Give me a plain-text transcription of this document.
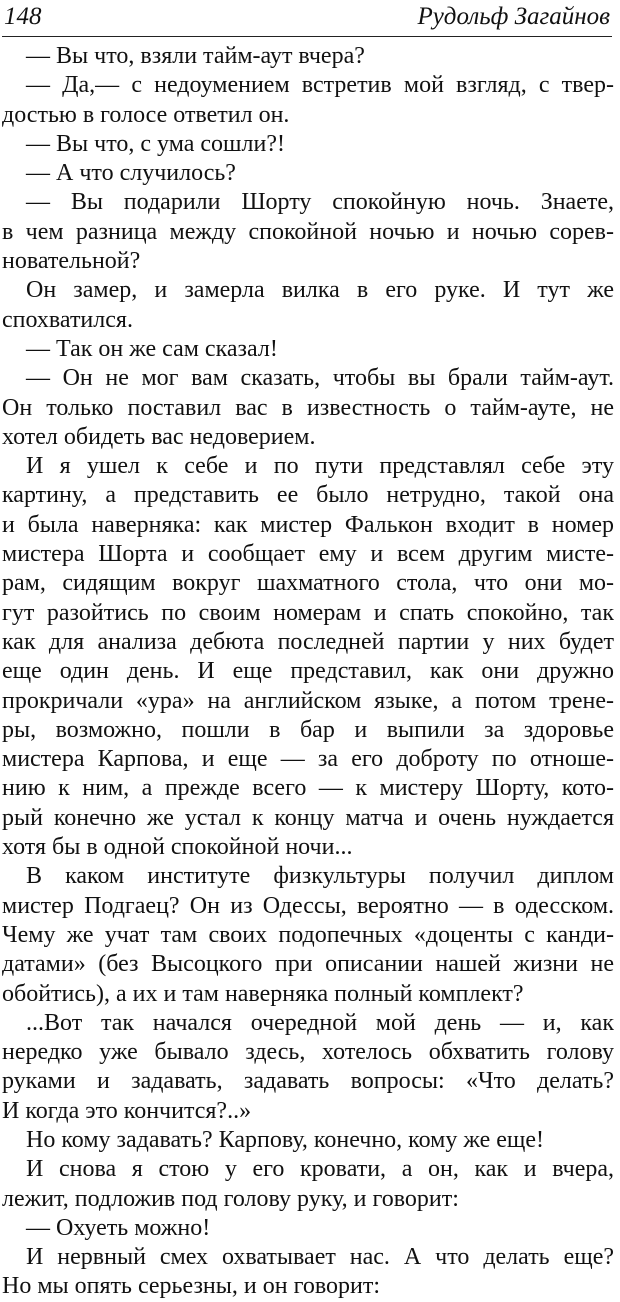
148	Рудольф Загайнов
— Вы что, взяли тайм-аут вчера?
— Да,— с недоумением встретив мой взгляд, с твер-
достью в голосе ответил он.
— Вы что, с ума сошли?!
— А что случилось?
— Вы подарили Шорту спокойную ночь. Знаете,
в чем разница между спокойной ночью и ночью сорев-
новательной?
Он замер, и замерла вилка в его руке. И тут же
спохватился.
— Так он же сам сказал!
— Он не мог вам сказать, чтобы вы брали тайм-аут.
Он только поставил вас в известность о тайм-ауте, не
хотел обидеть вас недоверием.
И я ушел к себе и по пути представлял себе эту
картину, а представить ее было нетрудно, такой она
и была наверняка: как мистер Фалькон входит в номер
мистера Шорта и сообщает ему и всем другим мисте-
рам, сидящим вокруг шахматного стола, что они мо-
гут разойтись по своим номерам и спать спокойно, так
как для анализа дебюта последней партии у них будет
еще один день. И еще представил, как они дружно
прокричали «ура» на английском языке, а потом трене-
ры, возможно, пошли в бар и выпили за здоровье
мистера Карпова, и еще — за его доброту по отноше-
нию к ним, а прежде всего — к мистеру Шорту, кото-
рый конечно же устал к концу матча и очень нуждается
хотя бы в одной спокойной ночи...
В каком институте физкультуры получил диплом
мистер Подгаец? Он из Одессы, вероятно — в одесском.
Чему же учат там своих подопечных «доценты с канди-
датами» (без Высоцкого при описании нашей жизни не
обойтись), а их и там наверняка полный комплект?
...Вот так начался очередной мой день — и, как
нередко уже бывало здесь, хотелось обхватить голову
руками и задавать, задавать вопросы: «Что делать?
И когда это кончится?..»
Но кому задавать? Карпову, конечно, кому же еще!
И снова я стою у его кровати, а он, как и вчера,
лежит, подложив под голову руку, и говорит:
— Охуеть можно!
И нервный смех охватывает нас. А что делать еще?
Но мы опять серьезны, и он говорит:
